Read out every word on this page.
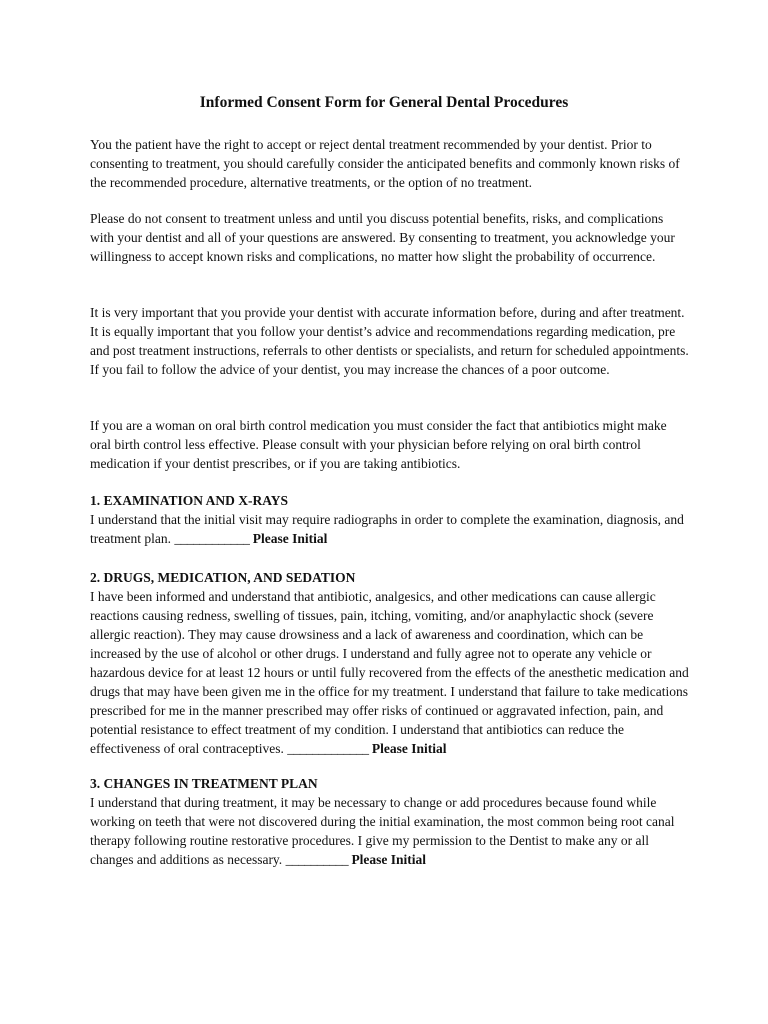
Informed Consent Form for General Dental Procedures

You the patient have the right to accept or reject dental treatment recommended by your dentist. Prior to consenting to treatment, you should carefully consider the anticipated benefits and commonly known risks of the recommended procedure, alternative treatments, or the option of no treatment.

Please do not consent to treatment unless and until you discuss potential benefits, risks, and complications with your dentist and all of your questions are answered. By consenting to treatment, you acknowledge your willingness to accept known risks and complications, no matter how slight the probability of occurrence.

It is very important that you provide your dentist with accurate information before, during and after treatment. It is equally important that you follow your dentist’s advice and recommendations regarding medication, pre and post treatment instructions, referrals to other dentists or specialists, and return for scheduled appointments. If you fail to follow the advice of your dentist, you may increase the chances of a poor outcome.

If you are a woman on oral birth control medication you must consider the fact that antibiotics might make oral birth control less effective. Please consult with your physician before relying on oral birth control medication if your dentist prescribes, or if you are taking antibiotics.

1. EXAMINATION AND X-RAYS

I understand that the initial visit may require radiographs in order to complete the examination, diagnosis, and treatment plan. ____________ Please Initial

2. DRUGS, MEDICATION, AND SEDATION

I have been informed and understand that antibiotic, analgesics, and other medications can cause allergic reactions causing redness, swelling of tissues, pain, itching, vomiting, and/or anaphylactic shock (severe allergic reaction). They may cause drowsiness and a lack of awareness and coordination, which can be increased by the use of alcohol or other drugs. I understand and fully agree not to operate any vehicle or hazardous device for at least 12 hours or until fully recovered from the effects of the anesthetic medication and drugs that may have been given me in the office for my treatment. I understand that failure to take medications prescribed for me in the manner prescribed may offer risks of continued or aggravated infection, pain, and potential resistance to effect treatment of my condition. I understand that antibiotics can reduce the effectiveness of oral contraceptives. _____________ Please Initial

3. CHANGES IN TREATMENT PLAN

I understand that during treatment, it may be necessary to change or add procedures because found while working on teeth that were not discovered during the initial examination, the most common being root canal therapy following routine restorative procedures. I give my permission to the Dentist to make any or all changes and additions as necessary. __________ Please Initial
